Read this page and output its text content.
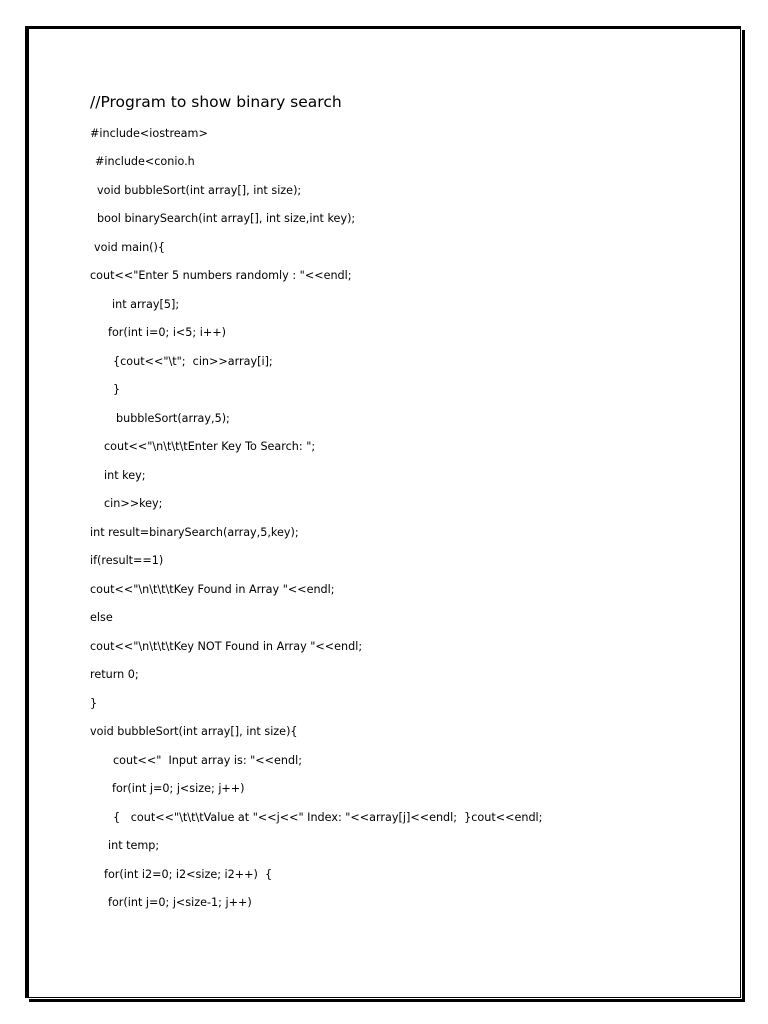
//Program to show binary search
#include<iostream>
#include<conio.h
void bubbleSort(int array[], int size);
bool binarySearch(int array[], int size,int key);
void main(){
cout<<"Enter 5 numbers randomly : "<<endl;
int array[5];
for(int i=0; i<5; i++)
{cout<<"\t";  cin>>array[i];
}
bubbleSort(array,5);
cout<<"\n\t\t\tEnter Key To Search: ";
int key;
cin>>key;
int result=binarySearch(array,5,key);
if(result==1)
cout<<"\n\t\t\tKey Found in Array "<<endl;
else
cout<<"\n\t\t\tKey NOT Found in Array "<<endl;
return 0;
}
void bubbleSort(int array[], int size){
cout<<"  Input array is: "<<endl;
for(int j=0; j<size; j++)
{   cout<<"\t\t\tValue at "<<j<<" Index: "<<array[j]<<endl;  }cout<<endl;
int temp;
for(int i2=0; i2<size; i2++)  {
for(int j=0; j<size-1; j++)
